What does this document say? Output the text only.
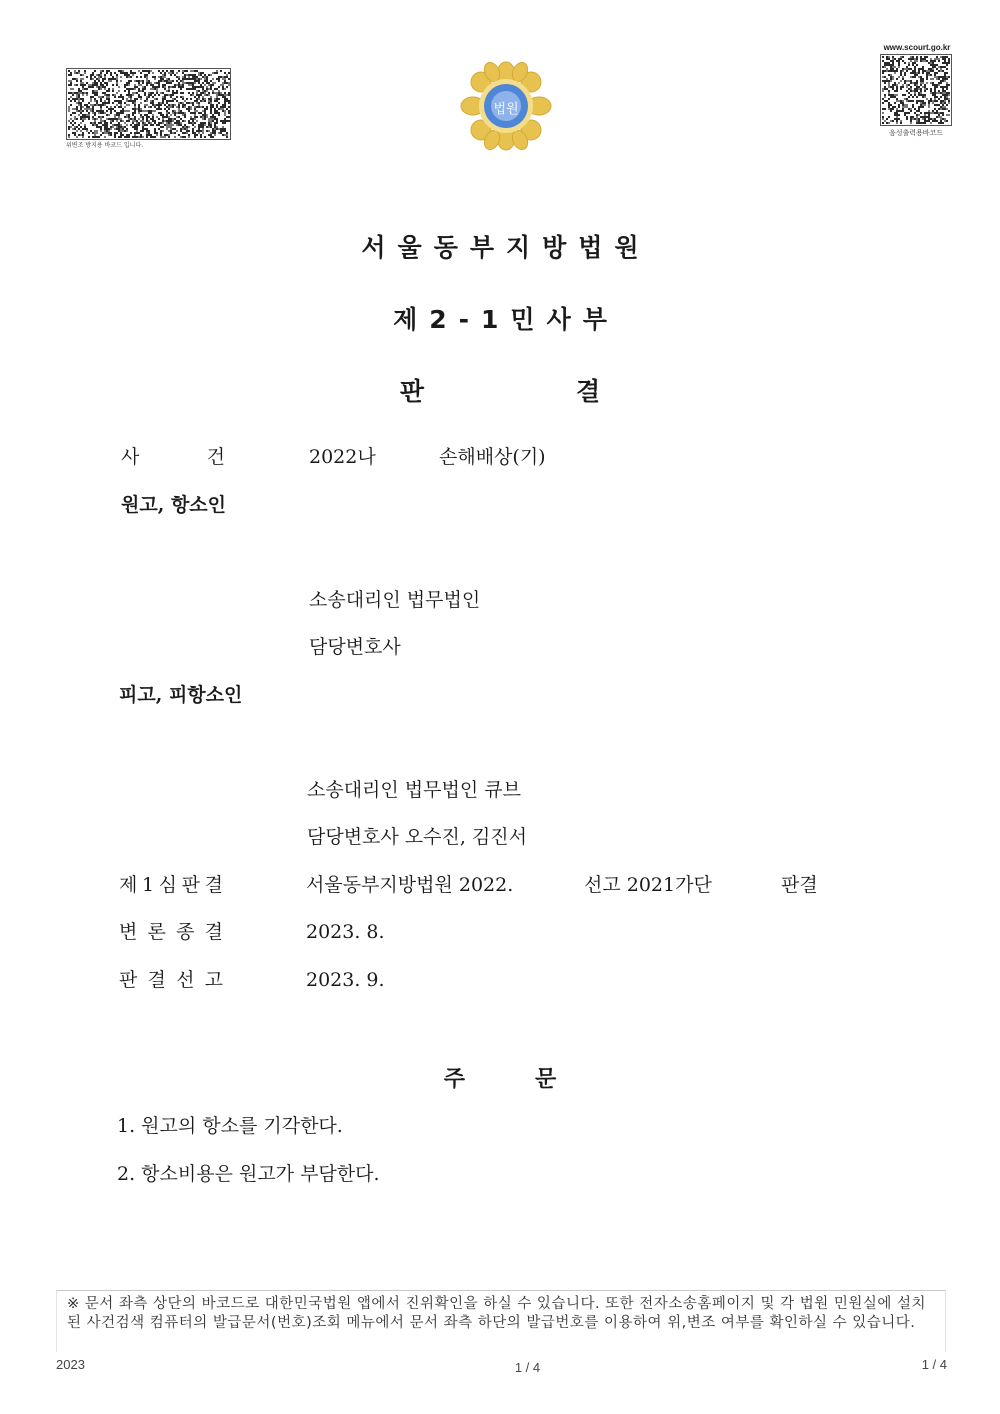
위변조 방지용 바코드 입니다.
www.scourt.go.kr
음성출력용바코드
법원
서울동부지방법원
제2-1민사부
판	결
사	건	2022나	손해배상(기)
원고, 항소인
소송대리인 법무법인
담당변호사
피고, 피항소인
소송대리인 법무법인 큐브
담당변호사 오수진, 김진서
제 1 심 판 결	서울동부지방법원 2022.	선고 2021가단	판결
변 론 종 결	2023. 8.
판 결 선 고	2023. 9.
주	문
1. 원고의 항소를 기각한다.
2. 항소비용은 원고가 부담한다.
※ 문서 좌측 상단의 바코드로 대한민국법원 앱에서 진위확인을 하실 수 있습니다. 또한 전자소송홈페이지 및 각 법원 민원실에 설치된 사건검색 컴퓨터의 발급문서(번호)조회 메뉴에서 문서 좌측 하단의 발급번호를 이용하여 위,변조 여부를 확인하실 수 있습니다.
2023	1 / 4	1 / 4
